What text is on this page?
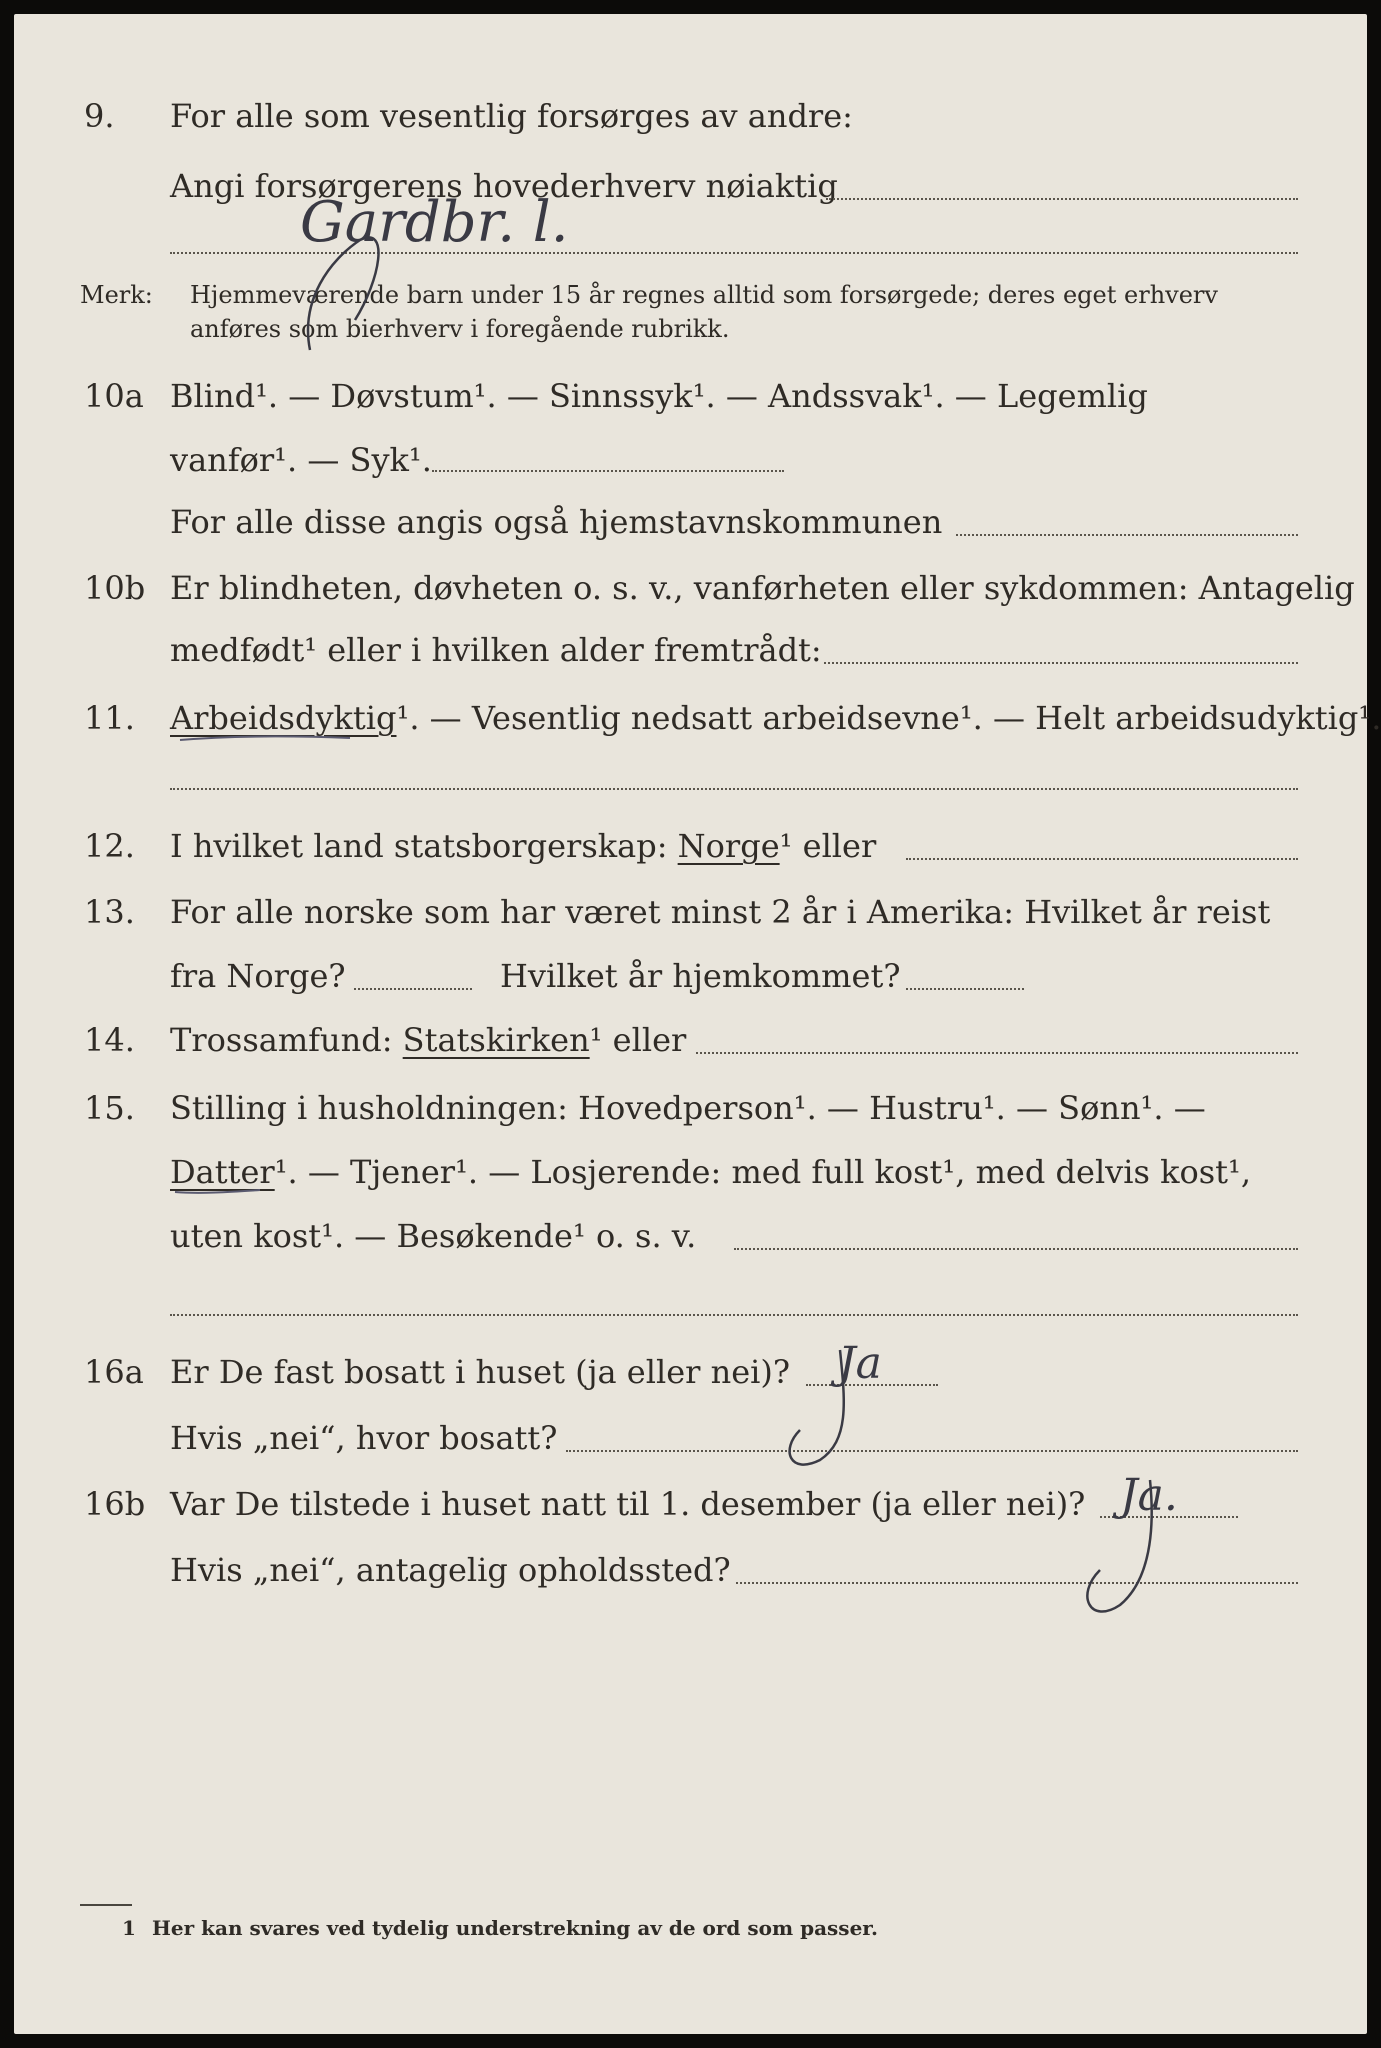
9. For alle som vesentlig forsørges av andre:
Angi forsørgerens hovederhverv nøiaktig
Gardbr. l.
Merk: Hjemmeværende barn under 15 år regnes alltid som forsørgede; deres eget erhverv
anføres som bierhverv i foregående rubrikk.
10a Blind¹. — Døvstum¹. — Sinnssyk¹. — Andssvak¹. — Legemlig
vanfør¹. — Syk¹.
For alle disse angis også hjemstavnskommunen
10b Er blindheten, døvheten o. s. v., vanførheten eller sykdommen: Antagelig
medfødt¹ eller i hvilken alder fremtrådt:
11. Arbeidsdyktig¹. — Vesentlig nedsatt arbeidsevne¹. — Helt arbeidsudyktig¹.
12. I hvilket land statsborgerskap: Norge¹ eller
13. For alle norske som har været minst 2 år i Amerika: Hvilket år reist
fra Norge?	Hvilket år hjemkommet?
14. Trossamfund: Statskirken¹ eller
15. Stilling i husholdningen: Hovedperson¹. — Hustru¹. — Sønn¹. —
Datter¹. — Tjener¹. — Losjerende: med full kost¹, med delvis kost¹,
uten kost¹. — Besøkende¹ o. s. v.
16a Er De fast bosatt i huset (ja eller nei)? Ja
Hvis „nei“, hvor bosatt?
16b Var De tilstede i huset natt til 1. desember (ja eller nei)? Ja.
Hvis „nei“, antagelig opholdssted?
1 Her kan svares ved tydelig understrekning av de ord som passer.
